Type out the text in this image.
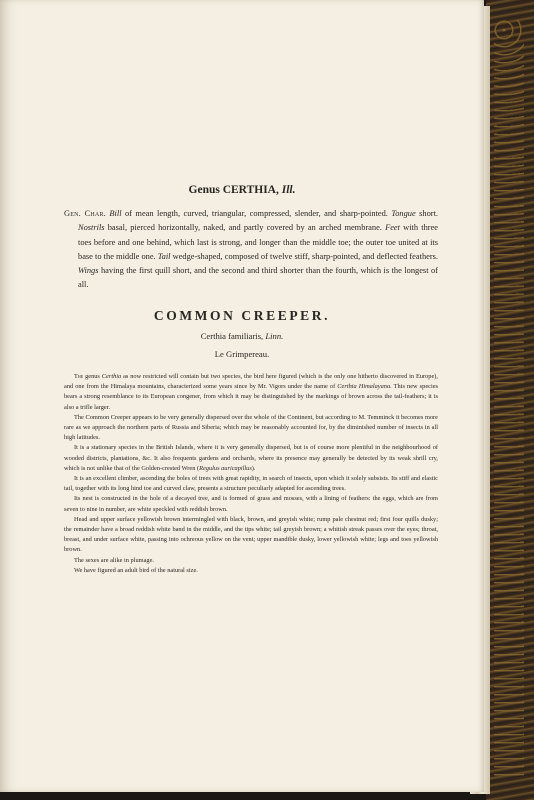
Genus CERTHIA, Ill.

Gen. Char. Bill of mean length, curved, triangular, compressed, slender, and sharp-pointed. Tongue short. Nostrils basal, pierced horizontally, naked, and partly covered by an arched membrane. Feet with three toes before and one behind, which last is strong, and longer than the middle toe; the outer toe united at its base to the middle one. Tail wedge-shaped, composed of twelve stiff, sharp-pointed, and deflected feathers. Wings having the first quill short, and the second and third shorter than the fourth, which is the longest of all.

COMMON CREEPER.

Certhia familiaris, Linn.

Le Grimpereau.

The genus Certhia as now restricted will contain but two species, the bird here figured (which is the only one hitherto discovered in Europe), and one from the Himalaya mountains, characterized some years since by Mr. Vigors under the name of Certhia Himalayana. This new species bears a strong resemblance to its European congener, from which it may be distinguished by the markings of brown across the tail-feathers; it is also a trifle larger.

The Common Creeper appears to be very generally dispersed over the whole of the Continent, but according to M. Temminck it becomes more rare as we approach the northern parts of Russia and Siberia; which may be reasonably accounted for, by the diminished number of insects in all high latitudes.

It is a stationary species in the British Islands, where it is very generally dispersed, but is of course more plentiful in the neighbourhood of wooded districts, plantations, &c. It also frequents gardens and orchards, where its presence may generally be detected by its weak shrill cry, which is not unlike that of the Golden-crested Wren (Regulus auricapillus).

It is an excellent climber, ascending the boles of trees with great rapidity, in search of insects, upon which it solely subsists. Its stiff and elastic tail, together with its long hind toe and curved claw, presents a structure peculiarly adapted for ascending trees.

Its nest is constructed in the hole of a decayed tree, and is formed of grass and mosses, with a lining of feathers: the eggs, which are from seven to nine in number, are white speckled with reddish brown.

Head and upper surface yellowish brown intermingled with black, brown, and greyish white; rump pale chestnut red; first four quills dusky; the remainder have a broad reddish white band in the middle, and the tips white; tail greyish brown; a whitish streak passes over the eyes; throat, breast, and under surface white, passing into ochreous yellow on the vent; upper mandible dusky, lower yellowish white; legs and toes yellowish brown.

The sexes are alike in plumage.

We have figured an adult bird of the natural size.
